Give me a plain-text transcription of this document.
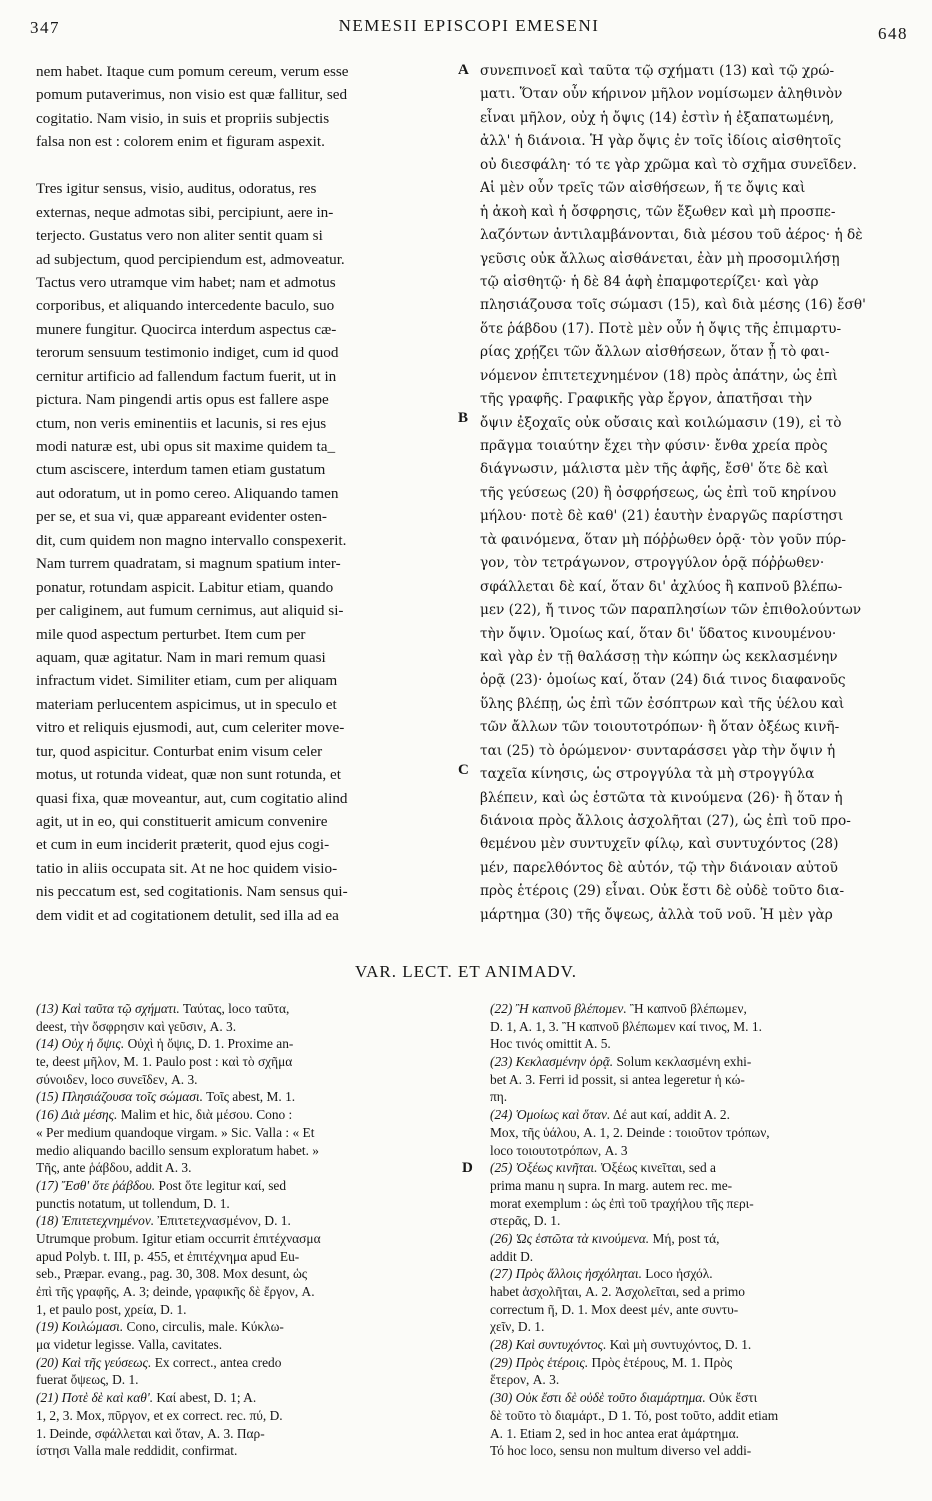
347	NEMESII EPISCOPI EMESENI	648
nem habet. Itaque cum pomum cereum, verum esse
pomum putaverimus, non visio est quæ fallitur, sed
cogitatio. Nam visio, in suis et propriis subjectis
falsa non est : colorem enim et figuram aspexit.
Tres igitur sensus, visio, auditus, odoratus, res
externas, neque admotas sibi, percipiunt, aere in-
terjecto. Gustatus vero non aliter sentit quam si
ad subjectum, quod percipiendum est, admoveatur.
Tactus vero utramque vim habet; nam et admotus
corporibus, et aliquando intercedente baculo, suo
munere fungitur. Quocirca interdum aspectus cæ-
terorum sensuum testimonio indiget, cum id quod
cernitur artificio ad fallendum factum fuerit, ut in
pictura. Nam pingendi artis opus est fallere aspe
ctum, non veris eminentiis et lacunis, si res ejus
modi naturæ est, ubi opus sit maxime quidem ta_
ctum asciscere, interdum tamen etiam gustatum
aut odoratum, ut in pomo cereo. Aliquando tamen
per se, et sua vi, quæ appareant evidenter osten-
dit, cum quidem non magno intervallo conspexerit.
Nam turrem quadratam, si magnum spatium inter-
ponatur, rotundam aspicit. Labitur etiam, quando
per caliginem, aut fumum cernimus, aut aliquid si-
mile quod aspectum perturbet. Item cum per
aquam, quæ agitatur. Nam in mari remum quasi
infractum videt. Similiter etiam, cum per aliquam
materiam perlucentem aspicimus, ut in speculo et
vitro et reliquis ejusmodi, aut, cum celeriter move-
tur, quod aspicitur. Conturbat enim visum celer
motus, ut rotunda videat, quæ non sunt rotunda, et
quasi fixa, quæ moveantur, aut, cum cogitatio alind
agit, ut in eo, qui constituerit amicum convenire
et cum in eum inciderit præterit, quod ejus cogi-
tatio in aliis occupata sit. At ne hoc quidem visio-
nis peccatum est, sed cogitationis. Nam sensus qui-
dem vidit et ad cogitationem detulit, sed illa ad ea
συνεπινοεῖ καὶ ταῦτα τῷ σχήματι (13) καὶ τῷ χρώ-
ματι. Ὅταν οὖν κήρινον μῆλον νομίσωμεν ἀληθινὸν
εἶναι μῆλον, οὐχ ἡ ὄψις (14) ἐστὶν ἡ ἐξαπατωμένη,
ἀλλ' ἡ διάνοια. Ἡ γὰρ ὄψις ἐν τοῖς ἰδίοις αἰσθητοῖς
οὐ διεσφάλη· τό τε γὰρ χρῶμα καὶ τὸ σχῆμα συνεῖδεν.
Αἱ μὲν οὖν τρεῖς τῶν αἰσθήσεων, ἥ τε ὄψις καὶ
ἡ ἀκοὴ καὶ ἡ ὄσφρησις, τῶν ἔξωθεν καὶ μὴ προσπε-
λαζόντων ἀντιλαμβάνονται, διὰ μέσου τοῦ ἀέρος· ἡ δὲ
γεῦσις οὐκ ἄλλως αἰσθάνεται, ἐὰν μὴ προσομιλήσῃ
τῷ αἰσθητῷ· ἡ δὲ 84 ἁφὴ ἐπαμφοτερίζει· καὶ γὰρ
πλησιάζουσα τοῖς σώμασι (15), καὶ διὰ μέσης (16) ἔσθ'
ὅτε ῥάβδου (17). Ποτὲ μὲν οὖν ἡ ὄψις τῆς ἐπιμαρτυ-
ρίας χρῄζει τῶν ἄλλων αἰσθήσεων, ὅταν ᾖ τὸ φαι-
νόμενον ἐπιτετεχνημένον (18) πρὸς ἀπάτην, ὡς ἐπὶ
τῆς γραφῆς. Γραφικῆς γὰρ ἔργον, ἀπατῆσαι τὴν
ὄψιν ἐξοχαῖς οὐκ οὔσαις καὶ κοιλώμασιν (19), εἰ τὸ
πρᾶγμα τοιαύτην ἔχει τὴν φύσιν· ἔνθα χρεία πρὸς
διάγνωσιν, μάλιστα μὲν τῆς ἁφῆς, ἔσθ' ὅτε δὲ καὶ
τῆς γεύσεως (20) ἢ ὀσφρήσεως, ὡς ἐπὶ τοῦ κηρίνου
μήλου· ποτὲ δὲ καθ' (21) ἑαυτὴν ἐναργῶς παρίστησι
τὰ φαινόμενα, ὅταν μὴ πόῤῥωθεν ὁρᾷ· τὸν γοῦν πύρ-
γον, τὸν τετράγωνον, στρογγύλον ὁρᾷ πόῤῥωθεν·
σφάλλεται δὲ καί, ὅταν δι' ἀχλύος ἢ καπνοῦ βλέπω-
μεν (22), ἤ τινος τῶν παραπλησίων τῶν ἐπιθολούντων
τὴν ὄψιν. Ὁμοίως καί, ὅταν δι' ὕδατος κινουμένου·
καὶ γὰρ ἐν τῇ θαλάσσῃ τὴν κώπην ὡς κεκλασμένην
ὁρᾷ (23)· ὁμοίως καί, ὅταν (24) διά τινος διαφανοῦς
ὕλης βλέπῃ, ὡς ἐπὶ τῶν ἐσόπτρων καὶ τῆς ὑέλου καὶ
τῶν ἄλλων τῶν τοιουτοτρόπων· ἢ ὅταν ὀξέως κινῆ-
ται (25) τὸ ὁρώμενον· συνταράσσει γὰρ τὴν ὄψιν ἡ
ταχεῖα κίνησις, ὡς στρογγύλα τὰ μὴ στρογγύλα
βλέπειν, καὶ ὡς ἑστῶτα τὰ κινούμενα (26)· ἢ ὅταν ἡ
διάνοια πρὸς ἄλλοις ἀσχολῆται (27), ὡς ἐπὶ τοῦ προ-
θεμένου μὲν συντυχεῖν φίλῳ, καὶ συντυχόντος (28)
μέν, παρελθόντος δὲ αὐτόν, τῷ τὴν διάνοιαν αὐτοῦ
πρὸς ἑτέροις (29) εἶναι. Οὐκ ἔστι δὲ οὐδὲ τοῦτο δια-
μάρτημα (30) τῆς ὄψεως, ἀλλὰ τοῦ νοῦ. Ἡ μὲν γὰρ
A
B
C
D
VAR. LECT. ET ANIMADV.
(13) Καὶ ταῦτα τῷ σχήματι. Ταύτας, loco ταῦτα,
deest, τὴν ὄσφρησιν καὶ γεῦσιν, A. 3.
(14) Οὐχ ἡ ὄψις. Οὐχὶ ἡ ὄψις, D. 1. Proxime an-
te, deest μῆλον, M. 1. Paulo post : καὶ τὸ σχῆμα
σύνοιδεν, loco συνεῖδεν, A. 3.
(15) Πλησιάζουσα τοῖς σώμασι. Τοῖς abest, M. 1.
(16) Διὰ μέσης. Malim et hic, διὰ μέσου. Cono :
« Per medium quandoque virgam. » Sic. Valla : « Et
medio aliquando bacillo sensum exploratum habet. »
Τῆς, ante ῥάβδου, addit A. 3.
(17) Ἔσθ' ὅτε ῥάβδου. Post ὅτε legitur καί, sed
punctis notatum, ut tollendum, D. 1.
(18) Ἐπιτετεχνημένον. Ἐπιτετεχνασμένον, D. 1.
Utrumque probum. Igitur etiam occurrit ἐπιτέχνασμα
apud Polyb. t. III, p. 455, et ἐπιτέχνημα apud Eu-
seb., Præpar. evang., pag. 30, 308. Mox desunt, ὡς
ἐπὶ τῆς γραφῆς, A. 3; deinde, γραφικῆς δὲ ἔργον, A.
1, et paulo post, χρεία, D. 1.
(19) Κοιλώμασι. Cono, circulis, male. Κύκλω-
μα videtur legisse. Valla, cavitates.
(20) Καὶ τῆς γεύσεως. Ex correct., antea credo
fuerat ὄψεως, D. 1.
(21) Ποτὲ δὲ καὶ καθ'. Καί abest, D. 1; A.
1, 2, 3. Mox, πῦργον, et ex correct. rec. πύ, D.
1. Deinde, σφάλλεται καὶ ὅταν, A. 3. Παρ-
ίστησι Valla male reddidit, confirmat.
(22) Ἢ καπνοῦ βλέπομεν. Ἢ καπνοῦ βλέπωμεν,
D. 1, A. 1, 3. Ἢ καπνοῦ βλέπωμεν καί τινος, M. 1.
Hoc τινός omittit A. 5.
(23) Κεκλασμένην ὁρᾷ. Solum κεκλασμένη exhi-
bet A. 3. Ferri id possit, si antea legeretur ἡ κώ-
πη.
(24) Ὁμοίως καὶ ὅταν. Δέ aut καί, addit A. 2.
Mox, τῆς ὑάλου, A. 1, 2. Deinde : τοιοῦτον τρόπων,
loco τοιουτοτρόπων, A. 3
(25) Ὀξέως κινῆται. Ὀξέως κινεῖται, sed a
prima manu η supra. In marg. autem rec. me-
morat exemplum : ὡς ἐπὶ τοῦ τραχήλου τῆς περι-
στερᾶς, D. 1.
(26) Ὡς ἑστῶτα τὰ κινούμενα. Μή, post τά,
addit D.
(27) Πρὸς ἄλλοις ἠσχόληται. Loco ἠσχόλ.
habet ἀσχολῆται, A. 2. Ἀσχολεῖται, sed a primo
correctum ῆ, D. 1. Mox deest μέν, ante συντυ-
χεῖν, D. 1.
(28) Καὶ συντυχόντος. Καὶ μὴ συντυχόντος, D. 1.
(29) Πρὸς ἑτέροις. Πρὸς ἑτέρους, M. 1. Πρὸς
ἕτερον, A. 3.
(30) Οὐκ ἔστι δὲ οὐδὲ τοῦτο διαμάρτημα. Οὐκ ἔστι
δὲ τοῦτο τὸ διαμάρτ., D 1. Τό, post τοῦτο, addit etiam
A. 1. Etiam 2, sed in hoc antea erat ἁμάρτημα.
Τό hoc loco, sensu non multum diverso vel addi-
